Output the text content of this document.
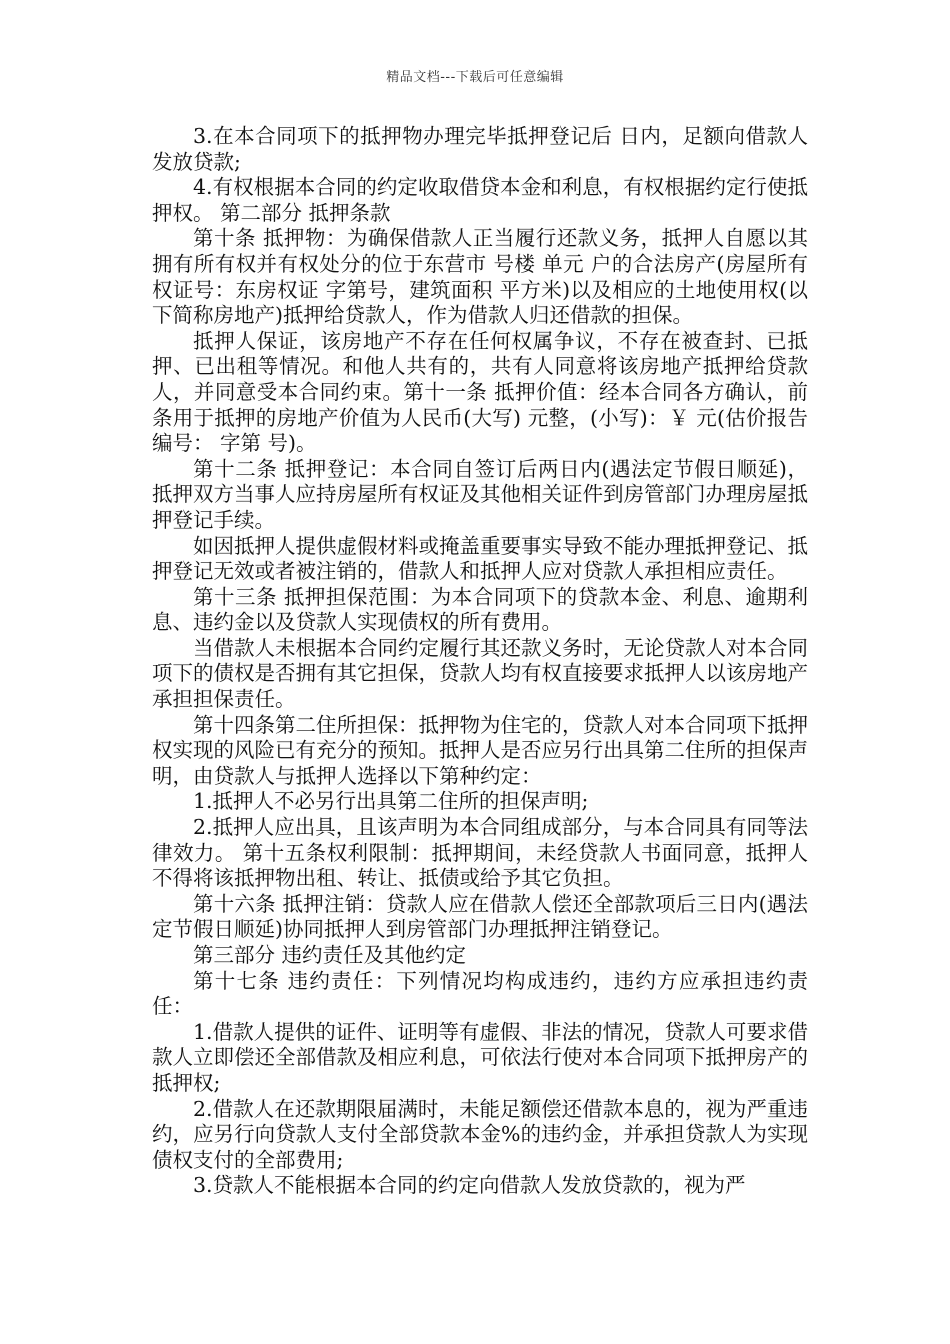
精品文档---下载后可任意编辑

3.在本合同项下的抵押物办理完毕抵押登记后 日内，足额向借款人发放贷款;

4.有权根据本合同的约定收取借贷本金和利息，有权根据约定行使抵押权。 第二部分 抵押条款

第十条 抵押物：为确保借款人正当履行还款义务，抵押人自愿以其拥有所有权并有权处分的位于东营市 号楼 单元 户的合法房产(房屋所有权证号：东房权证 字第号，建筑面积 平方米)以及相应的土地使用权(以下简称房地产)抵押给贷款人，作为借款人归还借款的担保。

抵押人保证，该房地产不存在任何权属争议，不存在被查封、已抵押、已出租等情况。和他人共有的，共有人同意将该房地产抵押给贷款人，并同意受本合同约束。第十一条 抵押价值：经本合同各方确认，前条用于抵押的房地产价值为人民币(大写) 元整，(小写)：￥ 元(估价报告编号： 字第 号)。

第十二条 抵押登记：本合同自签订后两日内(遇法定节假日顺延)，抵押双方当事人应持房屋所有权证及其他相关证件到房管部门办理房屋抵押登记手续。

如因抵押人提供虚假材料或掩盖重要事实导致不能办理抵押登记、抵押登记无效或者被注销的，借款人和抵押人应对贷款人承担相应责任。

第十三条 抵押担保范围：为本合同项下的贷款本金、利息、逾期利息、违约金以及贷款人实现债权的所有费用。

当借款人未根据本合同约定履行其还款义务时，无论贷款人对本合同项下的债权是否拥有其它担保，贷款人均有权直接要求抵押人以该房地产承担担保责任。

第十四条第二住所担保：抵押物为住宅的，贷款人对本合同项下抵押权实现的风险已有充分的预知。抵押人是否应另行出具第二住所的担保声明，由贷款人与抵押人选择以下第种约定：

1.抵押人不必另行出具第二住所的担保声明;

2.抵押人应出具，且该声明为本合同组成部分，与本合同具有同等法律效力。 第十五条权利限制：抵押期间，未经贷款人书面同意，抵押人不得将该抵押物出租、转让、抵债或给予其它负担。

第十六条 抵押注销：贷款人应在借款人偿还全部款项后三日内(遇法定节假日顺延)协同抵押人到房管部门办理抵押注销登记。

第三部分 违约责任及其他约定

第十七条 违约责任：下列情况均构成违约，违约方应承担违约责任：

1.借款人提供的证件、证明等有虚假、非法的情况，贷款人可要求借款人立即偿还全部借款及相应利息，可依法行使对本合同项下抵押房产的抵押权;

2.借款人在还款期限届满时，未能足额偿还借款本息的，视为严重违约，应另行向贷款人支付全部贷款本金%的违约金，并承担贷款人为实现债权支付的全部费用;

3.贷款人不能根据本合同的约定向借款人发放贷款的，视为严
